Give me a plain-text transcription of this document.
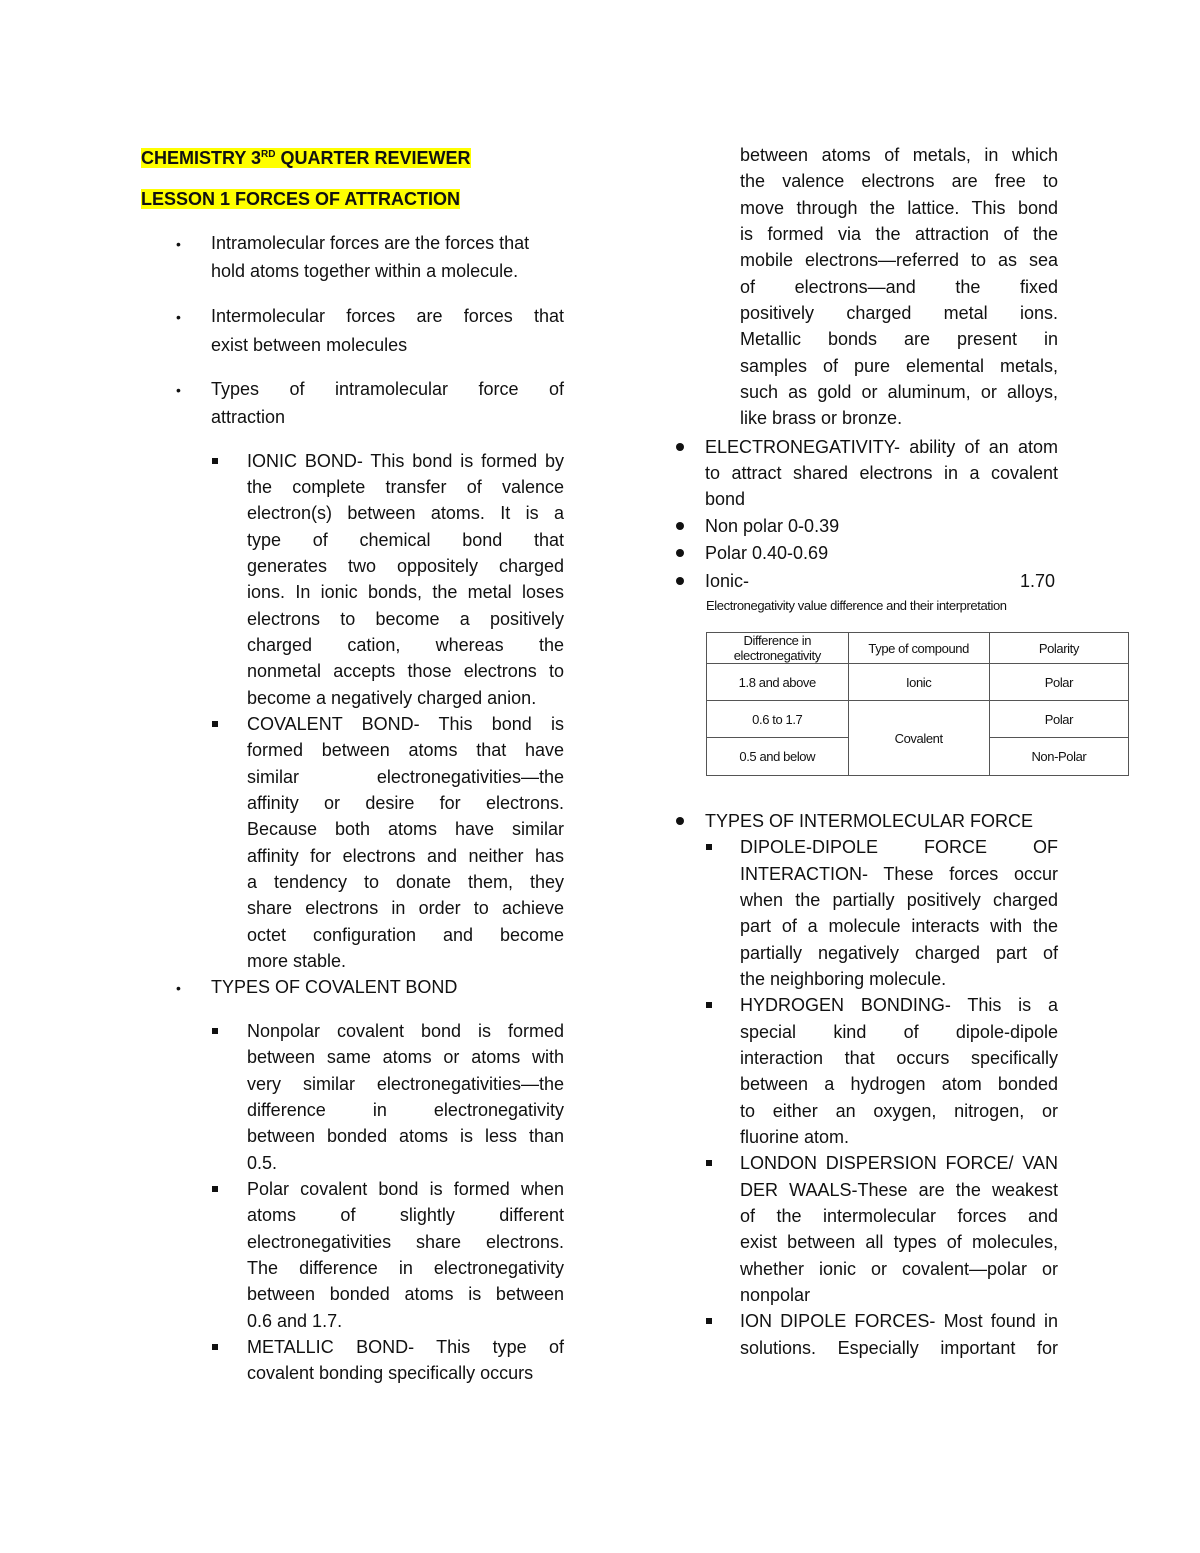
CHEMISTRY 3RD QUARTER REVIEWER
LESSON 1 FORCES OF ATTRACTION
• Intramolecular forces are the forces that
hold atoms together within a molecule.
• Intermolecular forces are forces that
exist between molecules
• Types of intramolecular force of
attraction
IONIC BOND- This bond is formed by
the complete transfer of valence
electron(s) between atoms. It is a
type of chemical bond that
generates two oppositely charged
ions. In ionic bonds, the metal loses
electrons to become a positively
charged cation, whereas the
nonmetal accepts those electrons to
become a negatively charged anion.
COVALENT BOND- This bond is
formed between atoms that have
similar electronegativities—the
affinity or desire for electrons.
Because both atoms have similar
affinity for electrons and neither has
a tendency to donate them, they
share electrons in order to achieve
octet configuration and become
more stable.
• TYPES OF COVALENT BOND
Nonpolar covalent bond is formed
between same atoms or atoms with
very similar electronegativities—the
difference in electronegativity
between bonded atoms is less than
0.5.
Polar covalent bond is formed when
atoms of slightly different
electronegativities share electrons.
The difference in electronegativity
between bonded atoms is between
0.6 and 1.7.
METALLIC BOND- This type of
covalent bonding specifically occurs
between atoms of metals, in which
the valence electrons are free to
move through the lattice. This bond
is formed via the attraction of the
mobile electrons—referred to as sea
of electrons—and the fixed
positively charged metal ions.
Metallic bonds are present in
samples of pure elemental metals,
such as gold or aluminum, or alloys,
like brass or bronze.
ELECTRONEGATIVITY- ability of an atom
to attract shared electrons in a covalent
bond
Non polar 0-0.39
Polar 0.40-0.69
Ionic-	1.70
Electronegativity value difference and their interpretation
Difference in electronegativity	Type of compound	Polarity
1.8 and above	Ionic	Polar
0.6 to 1.7	Covalent	Polar
0.5 and below		Non-Polar
TYPES OF INTERMOLECULAR FORCE
DIPOLE-DIPOLE FORCE OF
INTERACTION- These forces occur
when the partially positively charged
part of a molecule interacts with the
partially negatively charged part of
the neighboring molecule.
HYDROGEN BONDING- This is a
special kind of dipole-dipole
interaction that occurs specifically
between a hydrogen atom bonded
to either an oxygen, nitrogen, or
fluorine atom.
LONDON DISPERSION FORCE/ VAN
DER WAALS-These are the weakest
of the intermolecular forces and
exist between all types of molecules,
whether ionic or covalent—polar or
nonpolar
ION DIPOLE FORCES- Most found in
solutions. Especially important for
